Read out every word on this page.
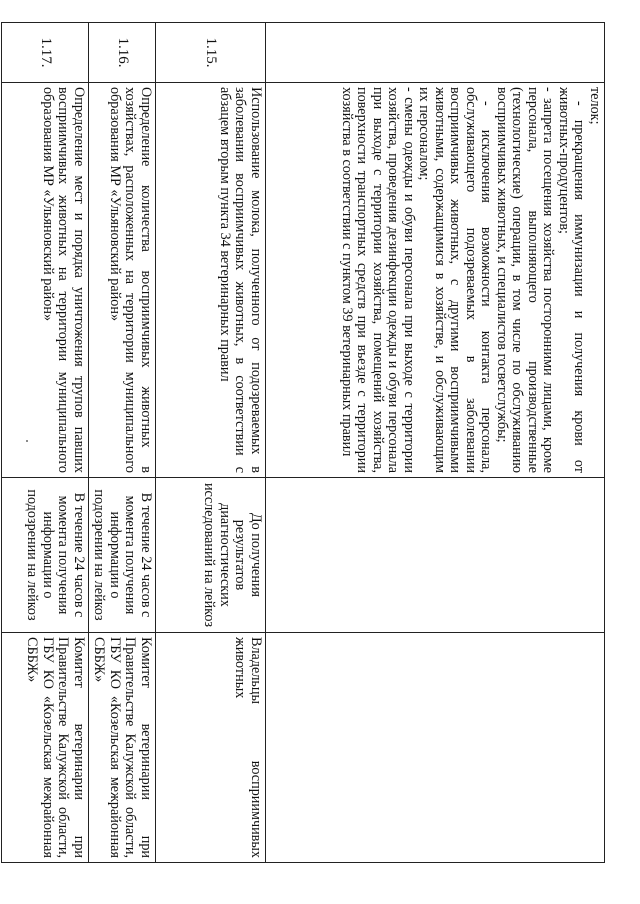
	телок;

- прекращения иммунизации и получения крови от животных-продуцентов;

- запрета посещения хозяйства посторонними лицами, кроме персонала, выполняющего производственные (технологические) операции, в том числе по обслуживанию восприимчивых животных, и специалистов госветслужбы;

- исключения возможности контакта персонала, обслуживающего подозреваемых в заболевании восприимчивых животных, с другими восприимчивыми животными, содержащимися в хозяйстве, и обслуживающим их персоналом;

- смены одежды и обуви персонала при выходе с территории хозяйства, проведения дезинфекции одежды и обуви персонала при выходе с территории хозяйства, помещений хозяйства, поверхности транспортных средств при въезде с территории хозяйства в соответствии с пунктом 39 ветеринарных правил		

1.15.	Использование молока, полученного от подозреваемых в заболевании восприимчивых животных, в соответствии с абзацем вторым пункта 34 ветеринарных правил	До получения результатов диагностических исследований на лейкоз	Владельцы восприимчивых животных
1.16.	Определение количества восприимчивых животных в хозяйствах, расположенных на территории муниципального образования МР «Ульяновский район»	В течение 24 часов с момента получения информации о подозрении на лейкоз	Комитет ветеринарии при Правительстве Калужской области, ГБУ КО «Козельская межрайонная СББЖ»
1.17.	Определение мест и порядка уничтожения трупов павших восприимчивых животных на территории муниципального образования МР «Ульяновский район»	В течение 24 часов с момента получения информации о подозрении на лейкоз	Комитет ветеринарии при Правительстве Калужской области, ГБУ КО «Козельская межрайонная СББЖ»
